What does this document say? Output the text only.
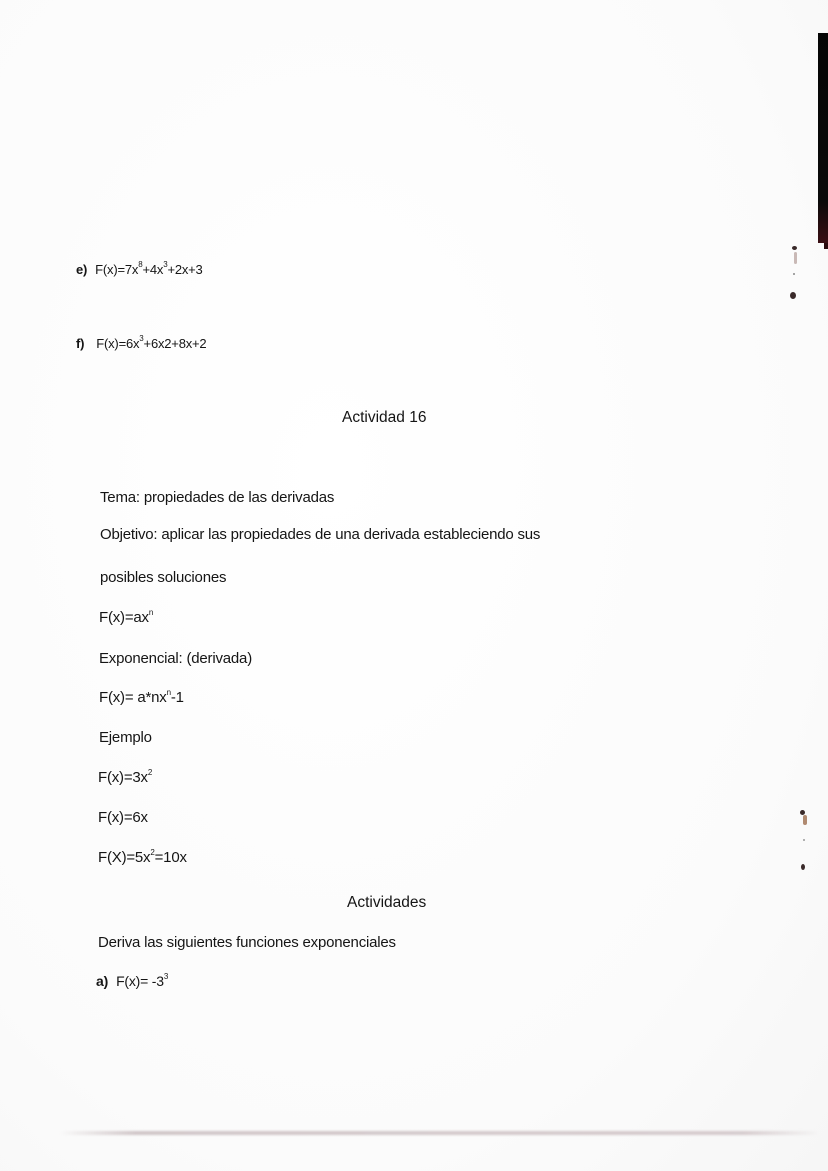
e) $F(x)=7x^8+4x^3+2x+3$
f) $F(x)=6x^3+6x2+8x+2$
Actividad 16
Tema: propiedades de las derivadas
Objetivo: aplicar las propiedades de una derivada estableciendo sus
posibles soluciones
$F(x)=ax^n$
Exponencial: (derivada)
$F(x)= a*nx^n-1$
Ejemplo
$F(x)=3x^2$
F(x)=6x
$F(X)=5x^2=10x$
Actividades
Deriva las siguientes funciones exponenciales
a) $F(x)= -3^3$
